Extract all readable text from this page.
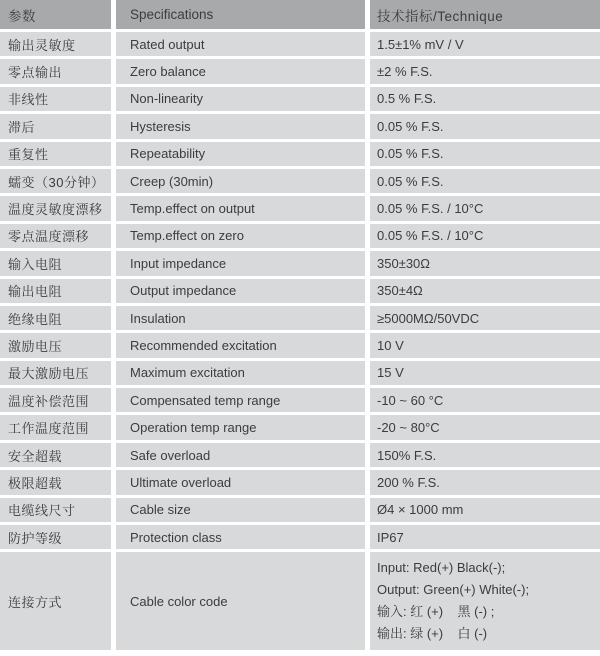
参数	Specifications	技术指标/Technique
输出灵敏度	Rated output	1.5±1% mV / V
零点输出	Zero balance	±2 % F.S.
非线性	Non-linearity	0.5 % F.S.
滞后	Hysteresis	0.05 % F.S.
重复性	Repeatability	0.05 % F.S.
蠕变（30分钟）	Creep (30min)	0.05 % F.S.
温度灵敏度漂移	Temp.effect on output	0.05 % F.S. / 10°C
零点温度漂移	Temp.effect on zero	0.05 % F.S. / 10°C
输入电阻	Input impedance	350±30Ω
输出电阻	Output impedance	350±4Ω
绝缘电阻	Insulation	≥5000MΩ/50VDC
激励电压	Recommended excitation	10 V
最大激励电压	Maximum excitation	15 V
温度补偿范围	Compensated temp range	-10 ~ 60 °C
工作温度范围	Operation temp range	-20 ~ 80°C
安全超载	Safe overload	150% F.S.
极限超载	Ultimate overload	200 % F.S.
电缆线尺寸	Cable size	Ø4 × 1000 mm
防护等级	Protection class	IP67
连接方式	Cable color code	Input: Red(+) Black(-);
Output: Green(+) White(-);
输入: 红 (+)    黑 (-) ;
输出: 绿 (+)    白 (-)
